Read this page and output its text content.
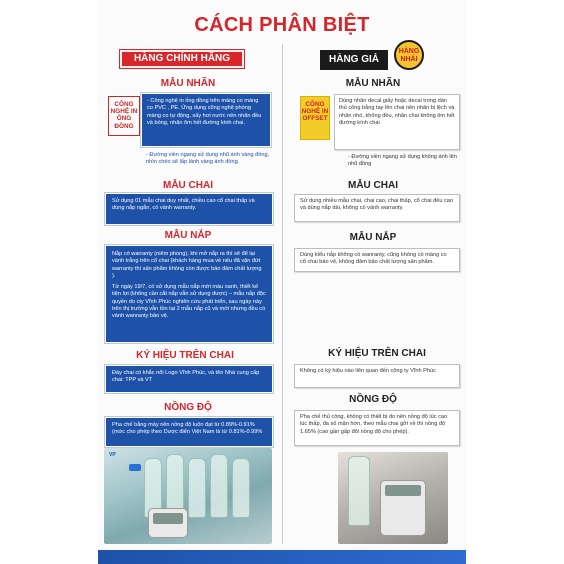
CÁCH PHÂN BIỆT
HÀNG CHÍNH HÃNG
MẪU NHÃN
CÔNG NGHỆ IN ỐNG ĐỒNG

- Công nghệ in ống đồng trên màng co màng co PVC , PE. Ứng dụng công nghệ phóng màng co tự động, sấy hơi nước nên nhãn đều và bóng, nhãn ôm hết đường kính chai.

- Đường viền ngang sử dụng nhũ ánh vàng đồng, nhìn chéo sẽ lấp lánh vàng ánh đồng.
MẪU CHAI

Sử dụng 01 mẫu chai duy nhất, chiều cao cổ chai thấp và dùng nắp ngắn, có vành warranty.

MẪU NẮP

Nắp có warranty (niêm phong), khi mở nắp ra thì sẽ để lại vành trắng trên cổ chai (khách hàng mua về nếu đã vặn đứt warranty thì sản phẩm không còn được bảo đảm chất lượng ).

Từ ngày 19/7, có sử dụng mẫu nắp mới màu xanh, thiết kế tiện lợi (không cần cắt nắp vẫn sử dụng được) – mẫu nắp độc quyền do cty Vĩnh Phúc nghiên cứu phát triển, sau ngày này trên thị trường vẫn tồn tại 2 mẫu nắp cũ và mới nhưng đều có vành wanranty bảo vệ.

KÝ HIỆU TRÊN CHAI

Đáy chai có khắc nổi Logo Vĩnh Phúc, và tên Nhà cung cấp chai: TPP và VT

NỒNG ĐỘ

Pha chế bằng máy nên nồng độ luôn đạt từ 0.89%-0.91% (mức cho phép theo Dược điển Việt Nam là từ 0.81%-0.99%

VP
HÀNG GIẢ
HÀNG NHÁI
MẪU NHÃN
CÔNG NGHỆ IN OFFSET

Dùng nhãn decal giấy hoặc decal trong dán thủ công bằng tay lên chai nên nhãn bị lệch và nhăn nhó, không đều, nhãn chai không ôm hết đường kính chai

- Đường viền ngang sử dụng không ánh lên nhũ đồng
MẪU CHAI

Sử dụng nhiều mẫu chai, chai cao, chai thấp, cổ chai đều cao và dùng nắp dài, không có vành warranty.

MẪU NẮP

Dùng kiểu nắp không có wanranty, cũng không có màng co cổ chai bảo vệ, không đảm bảo chất lượng sản phẩm.

KÝ HIỆU TRÊN CHAI

Không có ký hiệu nào liên quan đến công ty Vĩnh Phúc

NỒNG ĐỘ

Pha chế thủ công, không có thiết bị do nên nồng độ lúc cao lúc thấp, đa số mặn hơn, theo mẫu chai gởi về thì nồng độ 1.65% (cao gần gấp đôi nồng độ cho phép).
